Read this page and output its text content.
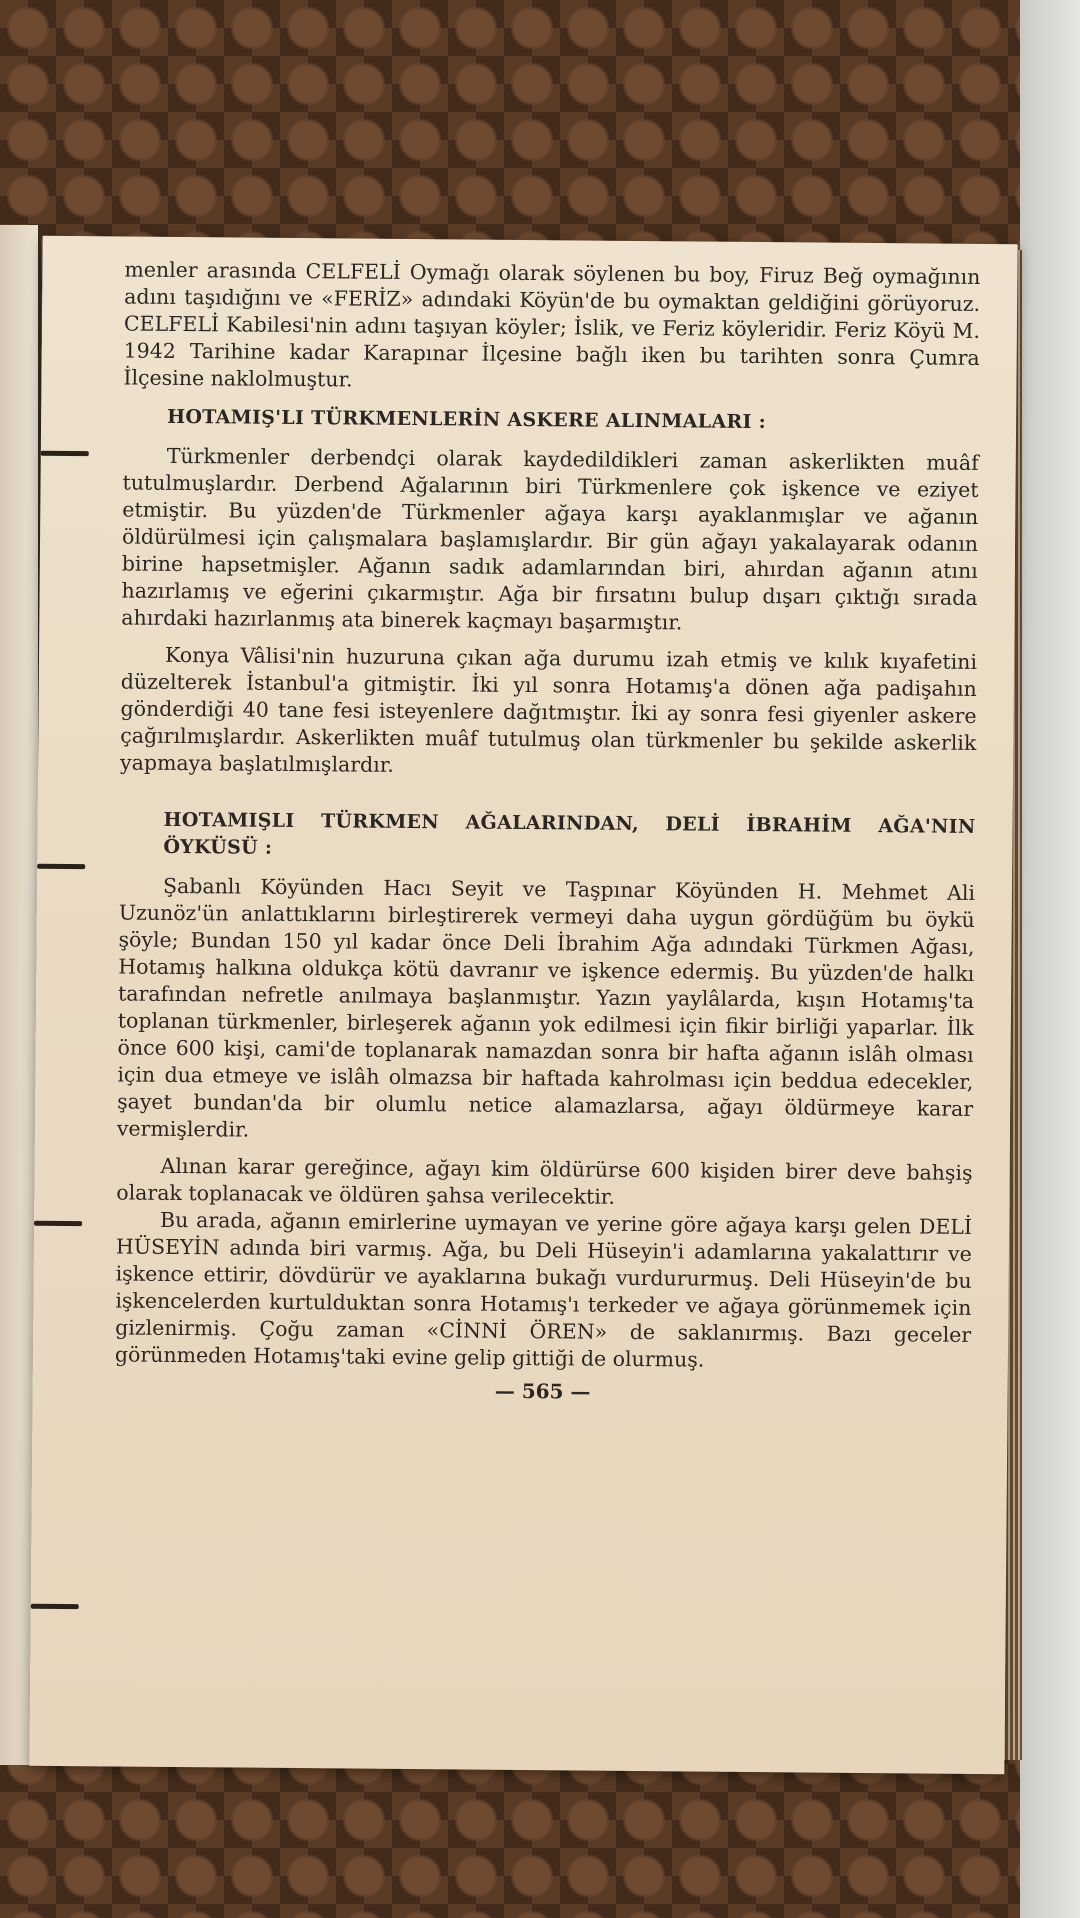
menler arasında CELFELİ Oymağı olarak söylenen bu boy, Firuz Beğ oymağının adını taşıdığını ve «FERİZ» adındaki Köyün'de bu oymaktan geldiğini görüyoruz. CELFELİ Kabilesi'nin adını taşıyan köyler; İslik, ve Feriz köyleridir. Feriz Köyü M. 1942 Tarihine kadar Karapınar İlçesine bağlı iken bu tarihten sonra Çumra İlçesine naklolmuştur.

HOTAMIŞ'LI TÜRKMENLERİN ASKERE ALINMALARI :

Türkmenler derbendçi olarak kaydedildikleri zaman askerlikten muâf tutulmuşlardır. Derbend Ağalarının biri Türkmenlere çok işkence ve eziyet etmiştir. Bu yüzden'de Türkmenler ağaya karşı ayaklanmışlar ve ağanın öldürülmesi için çalışmalara başlamışlardır. Bir gün ağayı yakalayarak odanın birine hapsetmişler. Ağanın sadık adamlarından biri, ahırdan ağanın atını hazırlamış ve eğerini çıkarmıştır. Ağa bir fırsatını bulup dışarı çıktığı sırada ahırdaki hazırlanmış ata binerek kaçmayı başarmıştır.

Konya Vâlisi'nin huzuruna çıkan ağa durumu izah etmiş ve kılık kıyafetini düzelterek İstanbul'a gitmiştir. İki yıl sonra Hotamış'a dönen ağa padişahın gönderdiği 40 tane fesi isteyenlere dağıtmıştır. İki ay sonra fesi giyenler askere çağırılmışlardır. Askerlikten muâf tutulmuş olan türkmenler bu şekilde askerlik yapmaya başlatılmışlardır.

HOTAMIŞLI TÜRKMEN AĞALARINDAN, DELİ İBRAHİM AĞA'NIN ÖYKÜSÜ :

Şabanlı Köyünden Hacı Seyit ve Taşpınar Köyünden H. Mehmet Ali Uzunöz'ün anlattıklarını birleştirerek vermeyi daha uygun gördüğüm bu öykü şöyle; Bundan 150 yıl kadar önce Deli İbrahim Ağa adındaki Türkmen Ağası, Hotamış halkına oldukça kötü davranır ve işkence edermiş. Bu yüzden'de halkı tarafından nefretle anılmaya başlanmıştır. Yazın yaylâlarda, kışın Hotamış'ta toplanan türkmenler, birleşerek ağanın yok edilmesi için fikir birliği yaparlar. İlk önce 600 kişi, cami'de toplanarak namazdan sonra bir hafta ağanın islâh olması için dua etmeye ve islâh olmazsa bir haftada kahrolması için beddua edecekler, şayet bundan'da bir olumlu netice alamazlarsa, ağayı öldürmeye karar vermişlerdir.

Alınan karar gereğince, ağayı kim öldürürse 600 kişiden birer deve bahşiş olarak toplanacak ve öldüren şahsa verilecektir.

Bu arada, ağanın emirlerine uymayan ve yerine göre ağaya karşı gelen DELİ HÜSEYİN adında biri varmış. Ağa, bu Deli Hüseyin'i adamlarına yakalattırır ve işkence ettirir, dövdürür ve ayaklarına bukağı vurdururmuş. Deli Hüseyin'de bu işkencelerden kurtulduktan sonra Hotamış'ı terkeder ve ağaya görünmemek için gizlenirmiş. Çoğu zaman «CİNNİ ÖREN» de saklanırmış. Bazı geceler görünmeden Hotamış'taki evine gelip gittiği de olurmuş.

— 565 —
